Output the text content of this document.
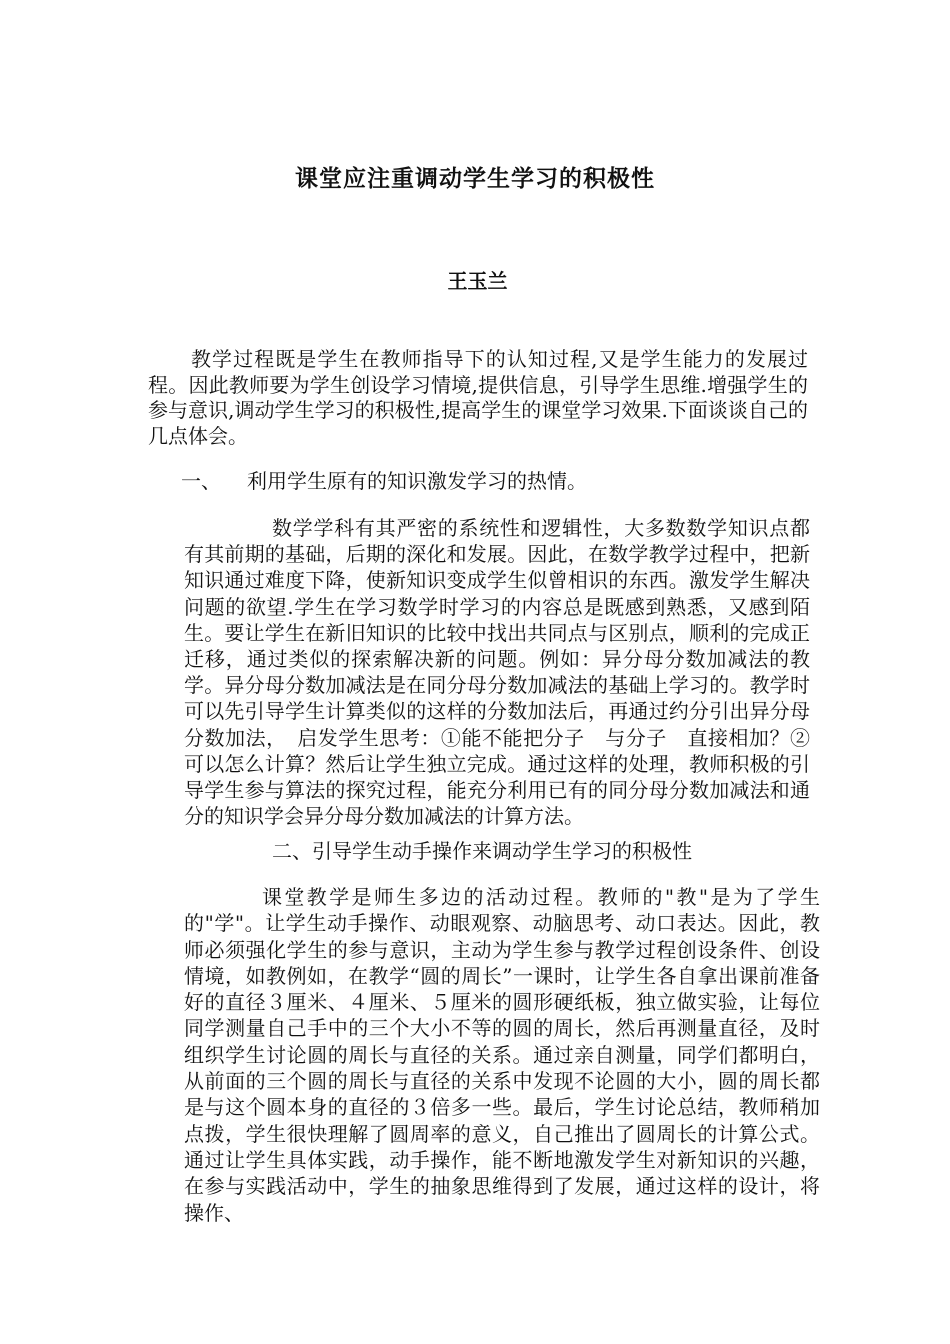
课堂应注重调动学生学习的积极性
王玉兰

教学过程既是学生在教师指导下的认知过程,又是学生能力的发展过程。因此教师要为学生创设学习情境,提供信息，引导学生思维.增强学生的参与意识,调动学生学习的积极性,提高学生的课堂学习效果.下面谈谈自己的几点体会。

一、 利用学生原有的知识激发学习的热情。

数学学科有其严密的系统性和逻辑性，大多数数学知识点都有其前期的基础，后期的深化和发展。因此，在数学教学过程中，把新知识通过难度下降，使新知识变成学生似曾相识的东西。激发学生解决问题的欲望.学生在学习数学时学习的内容总是既感到熟悉，又感到陌生。要让学生在新旧知识的比较中找出共同点与区别点，顺利的完成正迁移，通过类似的探索解决新的问题。例如：异分母分数加减法的教学。异分母分数加减法是在同分母分数加减法的基础上学习的。教学时可以先引导学生计算类似的这样的分数加法后，再通过约分引出异分母分数加法，　启发学生思考：①能不能把分子　与分子　直接相加？②可以怎么计算？然后让学生独立完成。通过这样的处理，教师积极的引导学生参与算法的探究过程，能充分利用已有的同分母分数加减法和通分的知识学会异分母分数加减法的计算方法。

二、引导学生动手操作来调动学生学习的积极性

课堂教学是师生多边的活动过程。教师的"教"是为了学生的"学"。让学生动手操作、动眼观察、动脑思考、动口表达。因此，教师必须强化学生的参与意识，主动为学生参与教学过程创设条件、创设情境，如教例如，在教学“圆的周长”一课时，让学生各自拿出课前准备好的直径３厘米、４厘米、５厘米的圆形硬纸板，独立做实验，让每位同学测量自己手中的三个大小不等的圆的周长，然后再测量直径，及时组织学生讨论圆的周长与直径的关系。通过亲自测量，同学们都明白，从前面的三个圆的周长与直径的关系中发现不论圆的大小，圆的周长都是与这个圆本身的直径的３倍多一些。最后，学生讨论总结，教师稍加点拨，学生很快理解了圆周率的意义，自己推出了圆周长的计算公式。通过让学生具体实践，动手操作，能不断地激发学生对新知识的兴趣，在参与实践活动中，学生的抽象思维得到了发展，通过这样的设计，将操作、
